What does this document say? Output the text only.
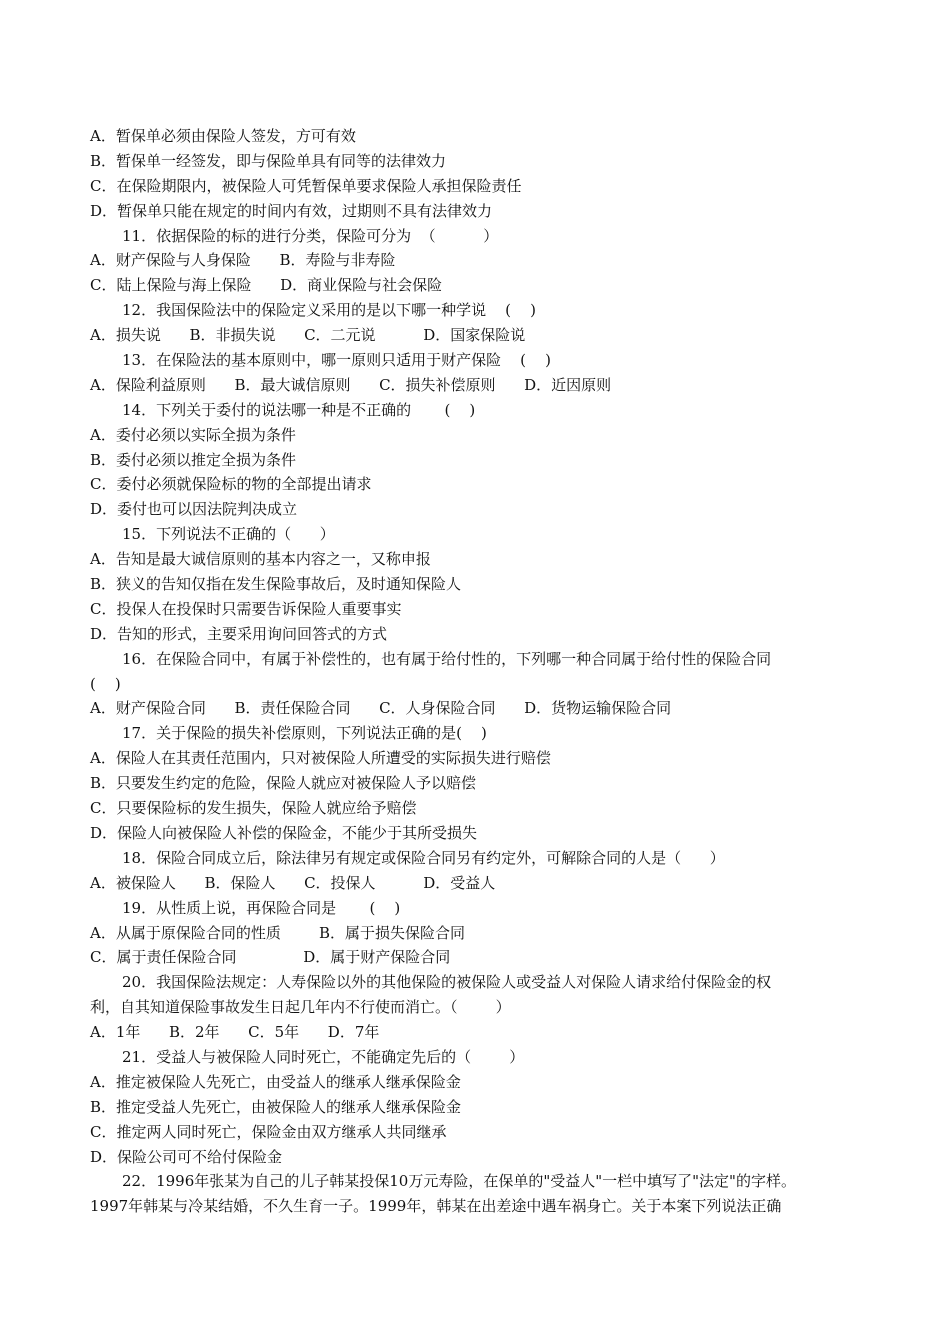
A．暂保单必须由保险人签发，方可有效
B．暂保单一经签发，即与保险单具有同等的法律效力
C．在保险期限内，被保险人可凭暂保单要求保险人承担保险责任
D．暂保单只能在规定的时间内有效，过期则不具有法律效力
11．依据保险的标的进行分类，保险可分为  （          ）
A．财产保险与人身保险      B．寿险与非寿险
C．陆上保险与海上保险      D．商业保险与社会保险
12．我国保险法中的保险定义采用的是以下哪一种学说    (    )
A．损失说      B．非损失说      C．二元说          D．国家保险说
13．在保险法的基本原则中，哪一原则只适用于财产保险    (    )
A．保险利益原则      B．最大诚信原则      C．损失补偿原则      D．近因原则
14．下列关于委付的说法哪一种是不正确的       (    )
A．委付必须以实际全损为条件
B．委付必须以推定全损为条件
C．委付必须就保险标的物的全部提出请求
D．委付也可以因法院判决成立
15．下列说法不正确的（      ）
A．告知是最大诚信原则的基本内容之一，又称申报
B．狭义的告知仅指在发生保险事故后，及时通知保险人
C．投保人在投保时只需要告诉保险人重要事实
D．告知的形式，主要采用询问回答式的方式
16．在保险合同中，有属于补偿性的，也有属于给付性的，下列哪一种合同属于给付性的保险合同
(    )
A．财产保险合同      B．责任保险合同      C．人身保险合同      D．货物运输保险合同
17．关于保险的损失补偿原则，下列说法正确的是(    )
A．保险人在其责任范围内，只对被保险人所遭受的实际损失进行赔偿
B．只要发生约定的危险，保险人就应对被保险人予以赔偿
C．只要保险标的发生损失，保险人就应给予赔偿
D．保险人向被保险人补偿的保险金，不能少于其所受损失
18．保险合同成立后，除法律另有规定或保险合同另有约定外，可解除合同的人是（      ）
A．被保险人      B．保险人      C．投保人          D．受益人
19．从性质上说，再保险合同是       (    )
A．从属于原保险合同的性质        B．属于损失保险合同
C．属于责任保险合同              D．属于财产保险合同
20．我国保险法规定：人寿保险以外的其他保险的被保险人或受益人对保险人请求给付保险金的权
利，自其知道保险事故发生日起几年内不行使而消亡。（        ）
A．1年      B．2年      C．5年      D．7年
21．受益人与被保险人同时死亡，不能确定先后的（        ）
A．推定被保险人先死亡，由受益人的继承人继承保险金
B．推定受益人先死亡，由被保险人的继承人继承保险金
C．推定两人同时死亡，保险金由双方继承人共同继承
D．保险公司可不给付保险金
22．1996年张某为自己的儿子韩某投保10万元寿险，在保单的"受益人"一栏中填写了"法定"的字样。
1997年韩某与冷某结婚，不久生育一子。1999年，韩某在出差途中遇车祸身亡。关于本案下列说法正确
